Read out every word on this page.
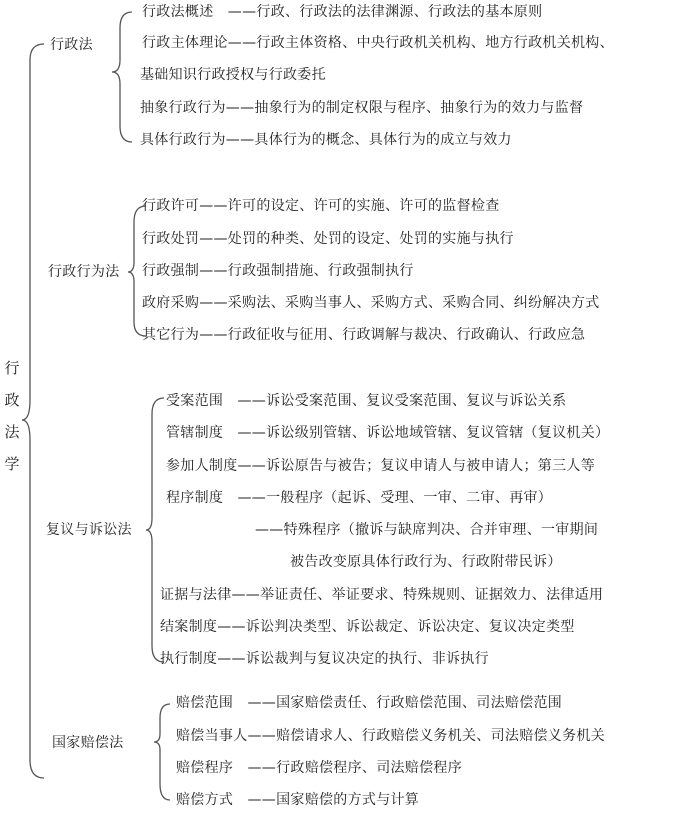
行政法学
行政法
行政法概述　——行政、行政法的法律渊源、行政法的基本原则
行政主体理论——行政主体资格、中央行政机关机构、地方行政机关机构、
基础知识行政授权与行政委托
抽象行政行为——抽象行为的制定权限与程序、抽象行为的效力与监督
具体行政行为——具体行为的概念、具体行为的成立与效力
行政行为法
行政许可——许可的设定、许可的实施、许可的监督检查
行政处罚——处罚的种类、处罚的设定、处罚的实施与执行
行政强制——行政强制措施、行政强制执行
政府采购——采购法、采购当事人、采购方式、采购合同、纠纷解决方式
其它行为——行政征收与征用、行政调解与裁决、行政确认、行政应急
复议与诉讼法
受案范围　——诉讼受案范围、复议受案范围、复议与诉讼关系
管辖制度　——诉讼级别管辖、诉讼地域管辖、复议管辖（复议机关）
参加人制度——诉讼原告与被告；复议申请人与被申请人；第三人等
程序制度　——一般程序（起诉、受理、一审、二审、再审）
——特殊程序（撤诉与缺席判决、合并审理、一审期间
被告改变原具体行政行为、行政附带民诉）
证据与法律——举证责任、举证要求、特殊规则、证据效力、法律适用
结案制度——诉讼判决类型、诉讼裁定、诉讼决定、复议决定类型
执行制度——诉讼裁判与复议决定的执行、非诉执行
国家赔偿法
赔偿范围　——国家赔偿责任、行政赔偿范围、司法赔偿范围
赔偿当事人——赔偿请求人、行政赔偿义务机关、司法赔偿义务机关
赔偿程序　——行政赔偿程序、司法赔偿程序
赔偿方式　——国家赔偿的方式与计算
